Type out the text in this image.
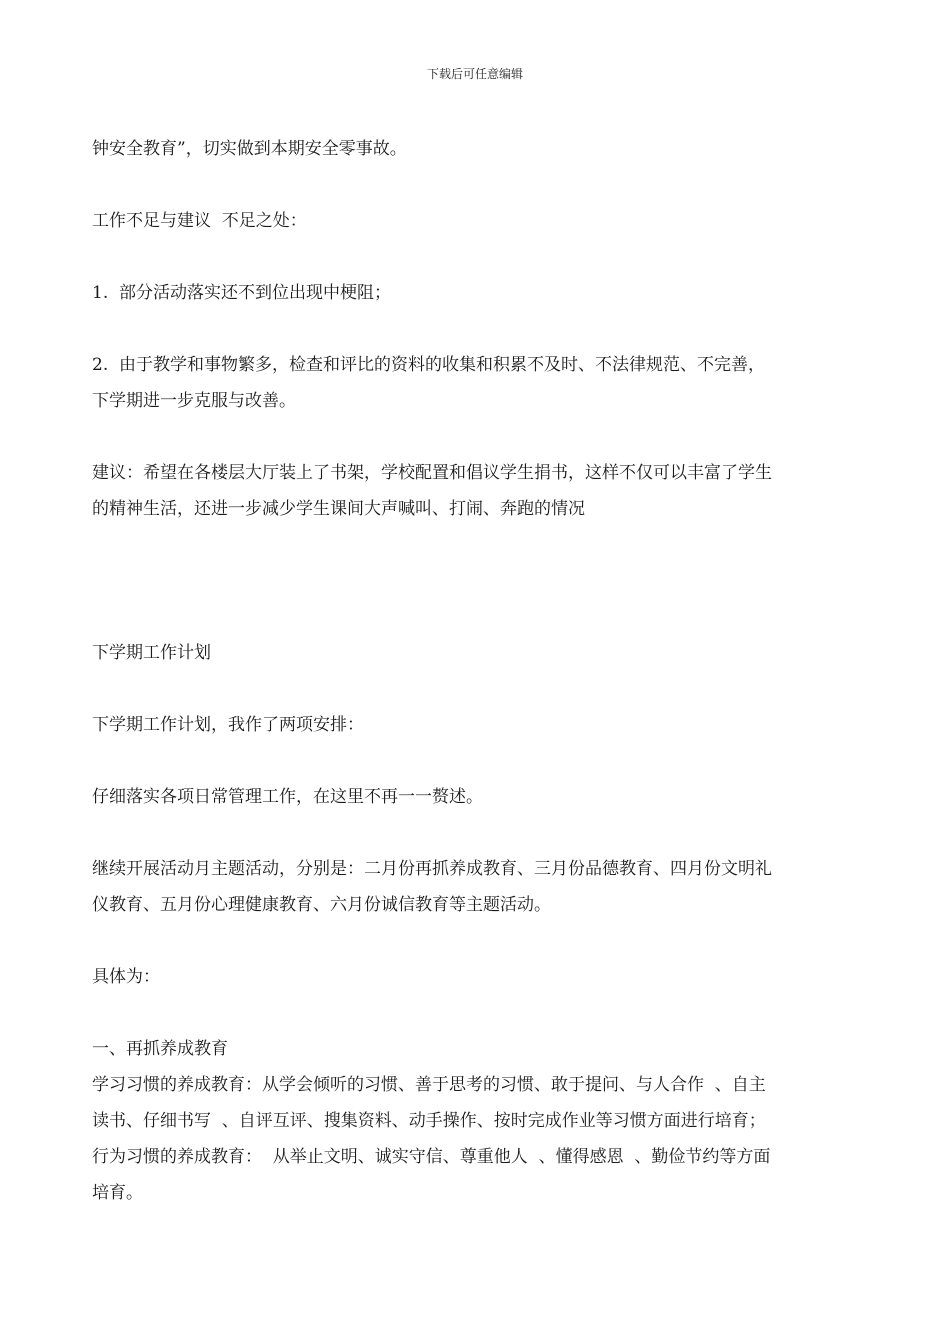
下载后可任意编辑

钟安全教育”，切实做到本期安全零事故。

工作不足与建议  不足之处：

1.  部分活动落实还不到位出现中梗阻；

2.  由于教学和事物繁多，检查和评比的资料的收集和积累不及时、不法律规范、不完善，

下学期进一步克服与改善。

建议：希望在各楼层大厅装上了书架，学校配置和倡议学生捐书，这样不仅可以丰富了学生

的精神生活，还进一步减少学生课间大声喊叫、打闹、奔跑的情况

下学期工作计划

下学期工作计划，我作了两项安排：

仔细落实各项日常管理工作，在这里不再一一赘述。

继续开展活动月主题活动，分别是：二月份再抓养成教育、三月份品德教育、四月份文明礼

仪教育、五月份心理健康教育、六月份诚信教育等主题活动。

具体为：

一、再抓养成教育

学习习惯的养成教育：从学会倾听的习惯、善于思考的习惯、敢于提问、与人合作  、自主

读书、仔细书写  、自评互评、搜集资料、动手操作、按时完成作业等习惯方面进行培育；

行为习惯的养成教育：  从举止文明、诚实守信、尊重他人  、懂得感恩  、勤俭节约等方面

培育。
